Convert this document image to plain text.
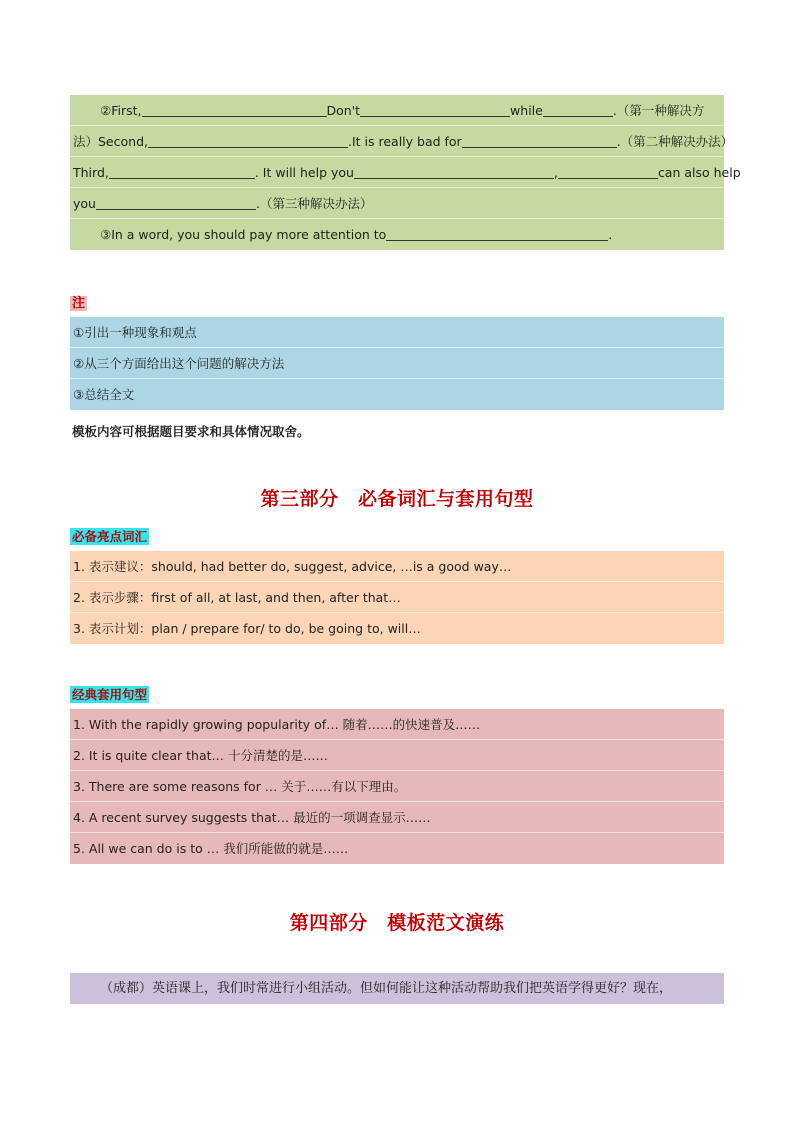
②First,	Don't	while	.（第一种解决方
法）Second,	.It is really bad for	.（第二种解决办法）
Third,	. It will help you	,	can also help
you	.（第三种解决办法）
③In a word, you should pay more attention to	.
注
①引出一种现象和观点
②从三个方面给出这个问题的解决方法
③总结全文
模板内容可根据题目要求和具体情况取舍。
第三部分　必备词汇与套用句型
必备亮点词汇
1. 表示建议：should, had better do, suggest, advice, …is a good way…
2. 表示步骤：first of all, at last, and then, after that…
3. 表示计划：plan / prepare for/ to do, be going to, will…
经典套用句型
1. With the rapidly growing popularity of… 随着……的快速普及……
2. It is quite clear that… 十分清楚的是……
3. There are some reasons for … 关于……有以下理由。
4. A recent survey suggests that… 最近的一项调查显示……
5. All we can do is to … 我们所能做的就是……
第四部分　模板范文演练
（成都）英语课上，我们时常进行小组活动。但如何能让这种活动帮助我们把英语学得更好？现在，
